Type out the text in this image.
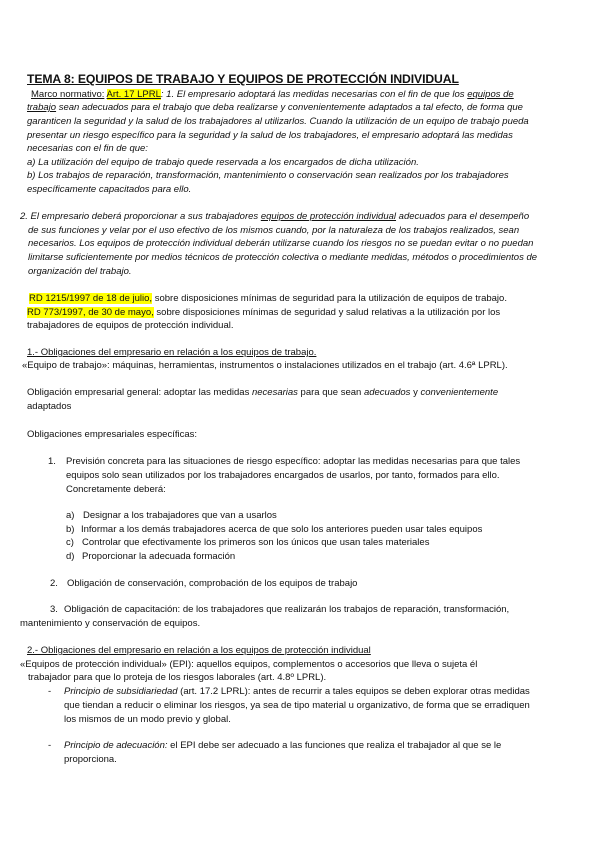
TEMA 8: EQUIPOS DE TRABAJO Y EQUIPOS DE PROTECCIÓN INDIVIDUAL
Marco normativo: Art. 17 LPRL: 1. El empresario adoptará las medidas necesarias con el fin de que los equipos de
trabajo sean adecuados para el trabajo que deba realizarse y convenientemente adaptados a tal efecto, de forma que
garanticen la seguridad y la salud de los trabajadores al utilizarlos. Cuando la utilización de un equipo de trabajo pueda
presentar un riesgo específico para la seguridad y la salud de los trabajadores, el empresario adoptará las medidas
necesarias con el fin de que:
a) La utilización del equipo de trabajo quede reservada a los encargados de dicha utilización.
b) Los trabajos de reparación, transformación, mantenimiento o conservación sean realizados por los trabajadores
específicamente capacitados para ello.
2. El empresario deberá proporcionar a sus trabajadores equipos de protección individual adecuados para el desempeño
de sus funciones y velar por el uso efectivo de los mismos cuando, por la naturaleza de los trabajos realizados, sean
necesarios. Los equipos de protección individual deberán utilizarse cuando los riesgos no se puedan evitar o no puedan
limitarse suficientemente por medios técnicos de protección colectiva o mediante medidas, métodos o procedimientos de
organización del trabajo.
RD 1215/1997 de 18 de julio, sobre disposiciones mínimas de seguridad para la utilización de equipos de trabajo.
RD 773/1997, de 30 de mayo, sobre disposiciones mínimas de seguridad y salud relativas a la utilización por los
trabajadores de equipos de protección individual.
1.- Obligaciones del empresario en relación a los equipos de trabajo.
«Equipo de trabajo»: máquinas, herramientas, instrumentos o instalaciones utilizados en el trabajo (art. 4.6ª LPRL).
Obligación empresarial general: adoptar las medidas necesarias para que sean adecuados y convenientemente
adaptados
Obligaciones empresariales específicas:
1. Previsión concreta para las situaciones de riesgo específico: adoptar las medidas necesarias para que tales
equipos solo sean utilizados por los trabajadores encargados de usarlos, por tanto, formados para ello.
Concretamente deberá:
a) Designar a los trabajadores que van a usarlos
b) Informar a los demás trabajadores acerca de que solo los anteriores pueden usar tales equipos
c) Controlar que efectivamente los primeros son los únicos que usan tales materiales
d) Proporcionar la adecuada formación
2. Obligación de conservación, comprobación de los equipos de trabajo
3. Obligación de capacitación: de los trabajadores que realizarán los trabajos de reparación, transformación,
mantenimiento y conservación de equipos.
2.- Obligaciones del empresario en relación a los equipos de protección individual
«Equipos de protección individual» (EPI): aquellos equipos, complementos o accesorios que lleva o sujeta él
trabajador para que lo proteja de los riesgos laborales (art. 4.8º LPRL).
- Principio de subsidiariedad (art. 17.2 LPRL): antes de recurrir a tales equipos se deben explorar otras medidas
que tiendan a reducir o eliminar los riesgos, ya sea de tipo material u organizativo, de forma que se erradiquen
los mismos de un modo previo y global.
- Principio de adecuación: el EPI debe ser adecuado a las funciones que realiza el trabajador al que se le
proporciona.
